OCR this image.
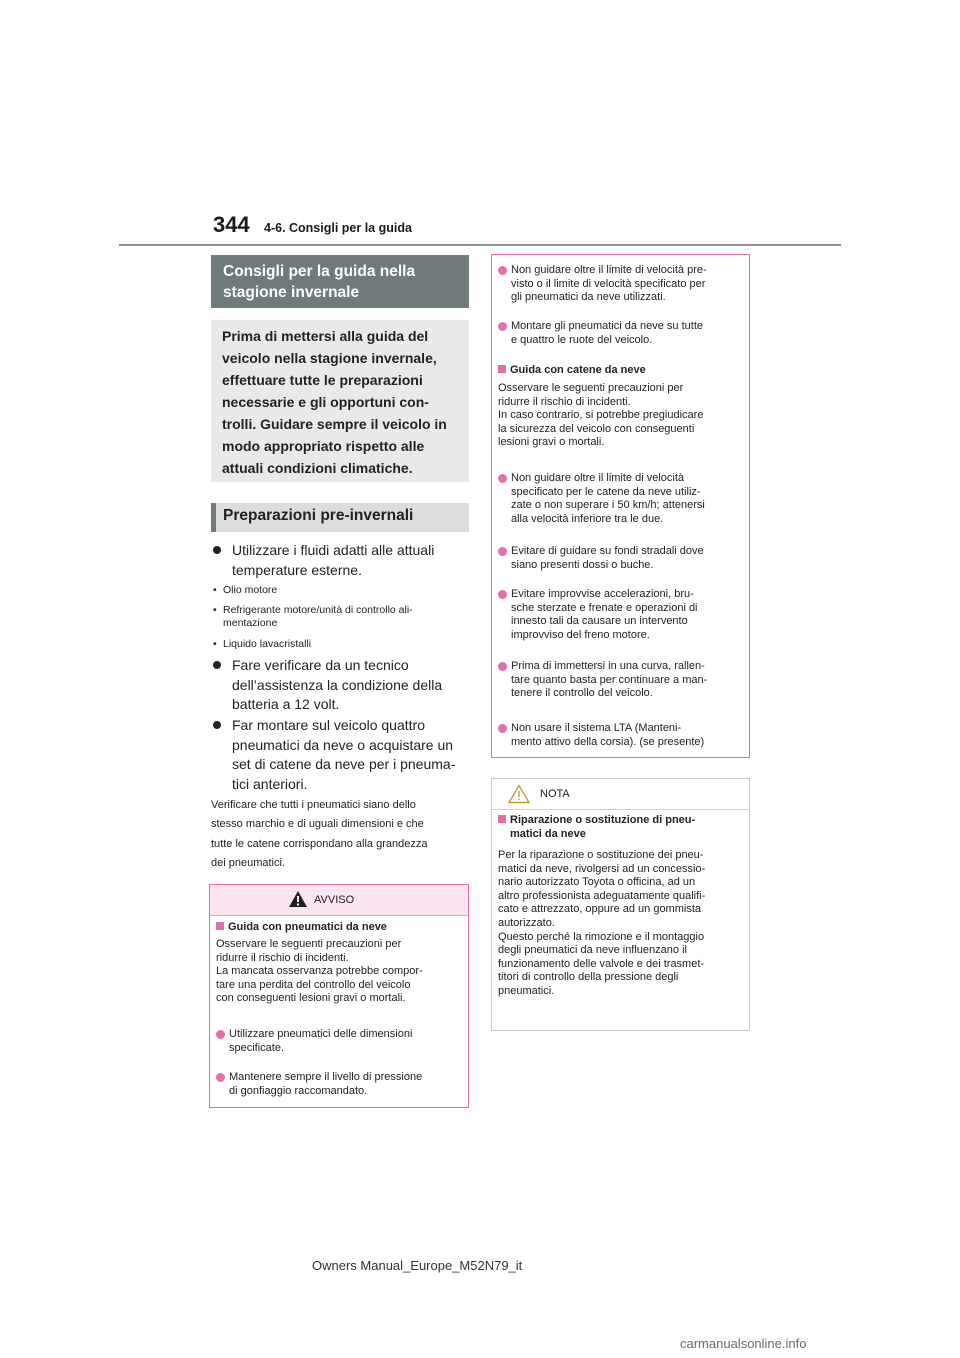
344 4-6. Consigli per la guida
Consigli per la guida nella stagione invernale
Prima di mettersi alla guida del
veicolo nella stagione invernale,
effettuare tutte le preparazioni
necessarie e gli opportuni con-
trolli. Guidare sempre il veicolo in
modo appropriato rispetto alle
attuali condizioni climatiche.
Preparazioni pre-invernali
Utilizzare i fluidi adatti alle attuali
temperature esterne.
• Olio motore
• Refrigerante motore/unità di controllo ali-
mentazione
• Liquido lavacristalli
Fare verificare da un tecnico
dell’assistenza la condizione della
batteria a 12 volt.
Far montare sul veicolo quattro
pneumatici da neve o acquistare un
set di catene da neve per i pneuma-
tici anteriori.
Verificare che tutti i pneumatici siano dello
stesso marchio e di uguali dimensioni e che
tutte le catene corrispondano alla grandezza
dei pneumatici.
AVVISO
Guida con pneumatici da neve
Osservare le seguenti precauzioni per
ridurre il rischio di incidenti.
La mancata osservanza potrebbe compor-
tare una perdita del controllo del veicolo
con conseguenti lesioni gravi o mortali.
Utilizzare pneumatici delle dimensioni
specificate.
Mantenere sempre il livello di pressione
di gonfiaggio raccomandato.
Non guidare oltre il limite di velocità pre-
visto o il limite di velocità specificato per
gli pneumatici da neve utilizzati.
Montare gli pneumatici da neve su tutte
e quattro le ruote del veicolo.
Guida con catene da neve
Osservare le seguenti precauzioni per
ridurre il rischio di incidenti.
In caso contrario, si potrebbe pregiudicare
la sicurezza del veicolo con conseguenti
lesioni gravi o mortali.
Non guidare oltre il limite di velocità
specificato per le catene da neve utiliz-
zate o non superare i 50 km/h; attenersi
alla velocità inferiore tra le due.
Evitare di guidare su fondi stradali dove
siano presenti dossi o buche.
Evitare improvvise accelerazioni, bru-
sche sterzate e frenate e operazioni di
innesto tali da causare un intervento
improvviso del freno motore.
Prima di immettersi in una curva, rallen-
tare quanto basta per continuare a man-
tenere il controllo del veicolo.
Non usare il sistema LTA (Manteni-
mento attivo della corsia). (se presente)
NOTA
Riparazione o sostituzione di pneu-
matici da neve
Per la riparazione o sostituzione dei pneu-
matici da neve, rivolgersi ad un concessio-
nario autorizzato Toyota o officina, ad un
altro professionista adeguatamente qualifi-
cato e attrezzato, oppure ad un gommista
autorizzato.
Questo perché la rimozione e il montaggio
degli pneumatici da neve influenzano il
funzionamento delle valvole e dei trasmet-
titori di controllo della pressione degli
pneumatici.
Owners Manual_Europe_M52N79_it
carmanualsonline.info
